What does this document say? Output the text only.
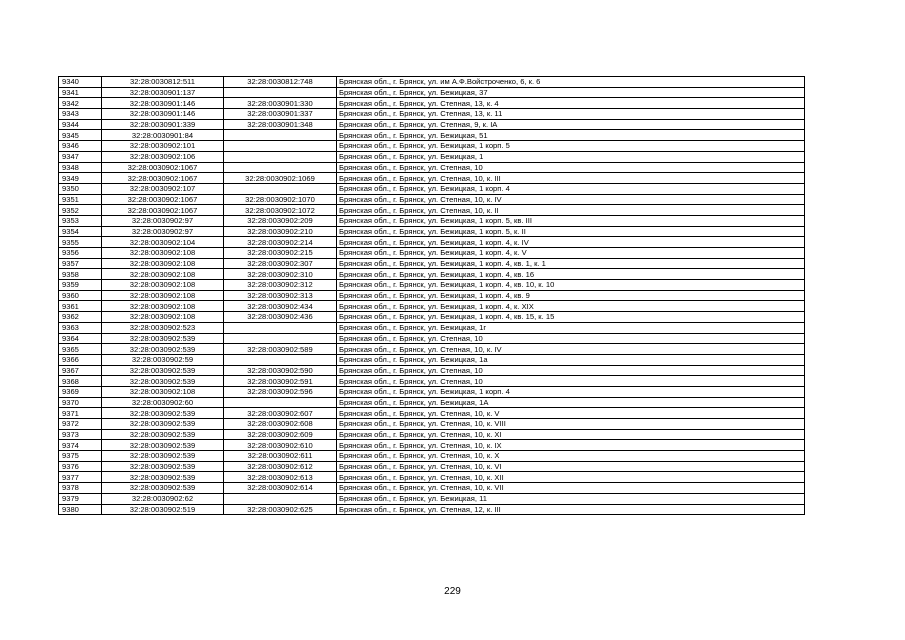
9340	32:28:0030812:511	32:28:0030812:748	Брянская обл., г. Брянск, ул. им А.Ф.Войстроченко, 6, к. 6
9341	32:28:0030901:137		Брянская обл., г. Брянск, ул. Бежицкая, 37
9342	32:28:0030901:146	32:28:0030901:330	Брянская обл., г. Брянск, ул. Степная, 13, к. 4
9343	32:28:0030901:146	32:28:0030901:337	Брянская обл., г. Брянск, ул. Степная, 13, к. 11
9344	32:28:0030901:339	32:28:0030901:348	Брянская обл., г. Брянск, ул. Степная, 9, к. IA
9345	32:28:0030901:84		Брянская обл., г. Брянск, ул. Бежицкая, 51
9346	32:28:0030902:101		Брянская обл., г. Брянск, ул. Бежицкая, 1 корп. 5
9347	32:28:0030902:106		Брянская обл., г. Брянск, ул. Бежицкая, 1
9348	32:28:0030902:1067		Брянская обл., г. Брянск, ул. Степная, 10
9349	32:28:0030902:1067	32:28:0030902:1069	Брянская обл., г. Брянск, ул. Степная, 10, к. III
9350	32:28:0030902:107		Брянская обл., г. Брянск, ул. Бежицкая, 1 корп. 4
9351	32:28:0030902:1067	32:28:0030902:1070	Брянская обл., г. Брянск, ул. Степная, 10, к. IV
9352	32:28:0030902:1067	32:28:0030902:1072	Брянская обл., г. Брянск, ул. Степная, 10, к. II
9353	32:28:0030902:97	32:28:0030902:209	Брянская обл., г. Брянск, ул. Бежицкая, 1 корп. 5, кв. III
9354	32:28:0030902:97	32:28:0030902:210	Брянская обл., г. Брянск, ул. Бежицкая, 1 корп. 5, к. II
9355	32:28:0030902:104	32:28:0030902:214	Брянская обл., г. Брянск, ул. Бежицкая, 1 корп. 4, к. IV
9356	32:28:0030902:108	32:28:0030902:215	Брянская обл., г. Брянск, ул. Бежицкая, 1 корп. 4, к. V
9357	32:28:0030902:108	32:28:0030902:307	Брянская обл., г. Брянск, ул. Бежицкая, 1 корп. 4, кв. 1, к. 1
9358	32:28:0030902:108	32:28:0030902:310	Брянская обл., г. Брянск, ул. Бежицкая, 1 корп. 4, кв. 16
9359	32:28:0030902:108	32:28:0030902:312	Брянская обл., г. Брянск, ул. Бежицкая, 1 корп. 4, кв. 10, к. 10
9360	32:28:0030902:108	32:28:0030902:313	Брянская обл., г. Брянск, ул. Бежицкая, 1 корп. 4, кв. 9
9361	32:28:0030902:108	32:28:0030902:434	Брянская обл., г. Брянск, ул. Бежицкая, 1 корп. 4, к. XIX
9362	32:28:0030902:108	32:28:0030902:436	Брянская обл., г. Брянск, ул. Бежицкая, 1 корп. 4, кв. 15, к. 15
9363	32:28:0030902:523		Брянская обл., г. Брянск, ул. Бежицкая, 1г
9364	32:28:0030902:539		Брянская обл., г. Брянск, ул. Степная, 10
9365	32:28:0030902:539	32:28:0030902:589	Брянская обл., г. Брянск, ул. Степная, 10, к. IV
9366	32:28:0030902:59		Брянская обл., г. Брянск, ул. Бежицкая, 1а
9367	32:28:0030902:539	32:28:0030902:590	Брянская обл., г. Брянск, ул. Степная, 10
9368	32:28:0030902:539	32:28:0030902:591	Брянская обл., г. Брянск, ул. Степная, 10
9369	32:28:0030902:108	32:28:0030902:596	Брянская обл., г. Брянск, ул. Бежицкая, 1 корп. 4
9370	32:28:0030902:60		Брянская обл., г. Брянск, ул. Бежицкая, 1А
9371	32:28:0030902:539	32:28:0030902:607	Брянская обл., г. Брянск, ул. Степная, 10, к. V
9372	32:28:0030902:539	32:28:0030902:608	Брянская обл., г. Брянск, ул. Степная, 10, к. VIII
9373	32:28:0030902:539	32:28:0030902:609	Брянская обл., г. Брянск, ул. Степная, 10, к. XI
9374	32:28:0030902:539	32:28:0030902:610	Брянская обл., г. Брянск, ул. Степная, 10, к. IX
9375	32:28:0030902:539	32:28:0030902:611	Брянская обл., г. Брянск, ул. Степная, 10, к. X
9376	32:28:0030902:539	32:28:0030902:612	Брянская обл., г. Брянск, ул. Степная, 10, к. VI
9377	32:28:0030902:539	32:28:0030902:613	Брянская обл., г. Брянск, ул. Степная, 10, к. XII
9378	32:28:0030902:539	32:28:0030902:614	Брянская обл., г. Брянск, ул. Степная, 10, к. VII
9379	32:28:0030902:62		Брянская обл., г. Брянск, ул. Бежицкая, 11
9380	32:28:0030902:519	32:28:0030902:625	Брянская обл., г. Брянск, ул. Степная, 12, к. III
229
